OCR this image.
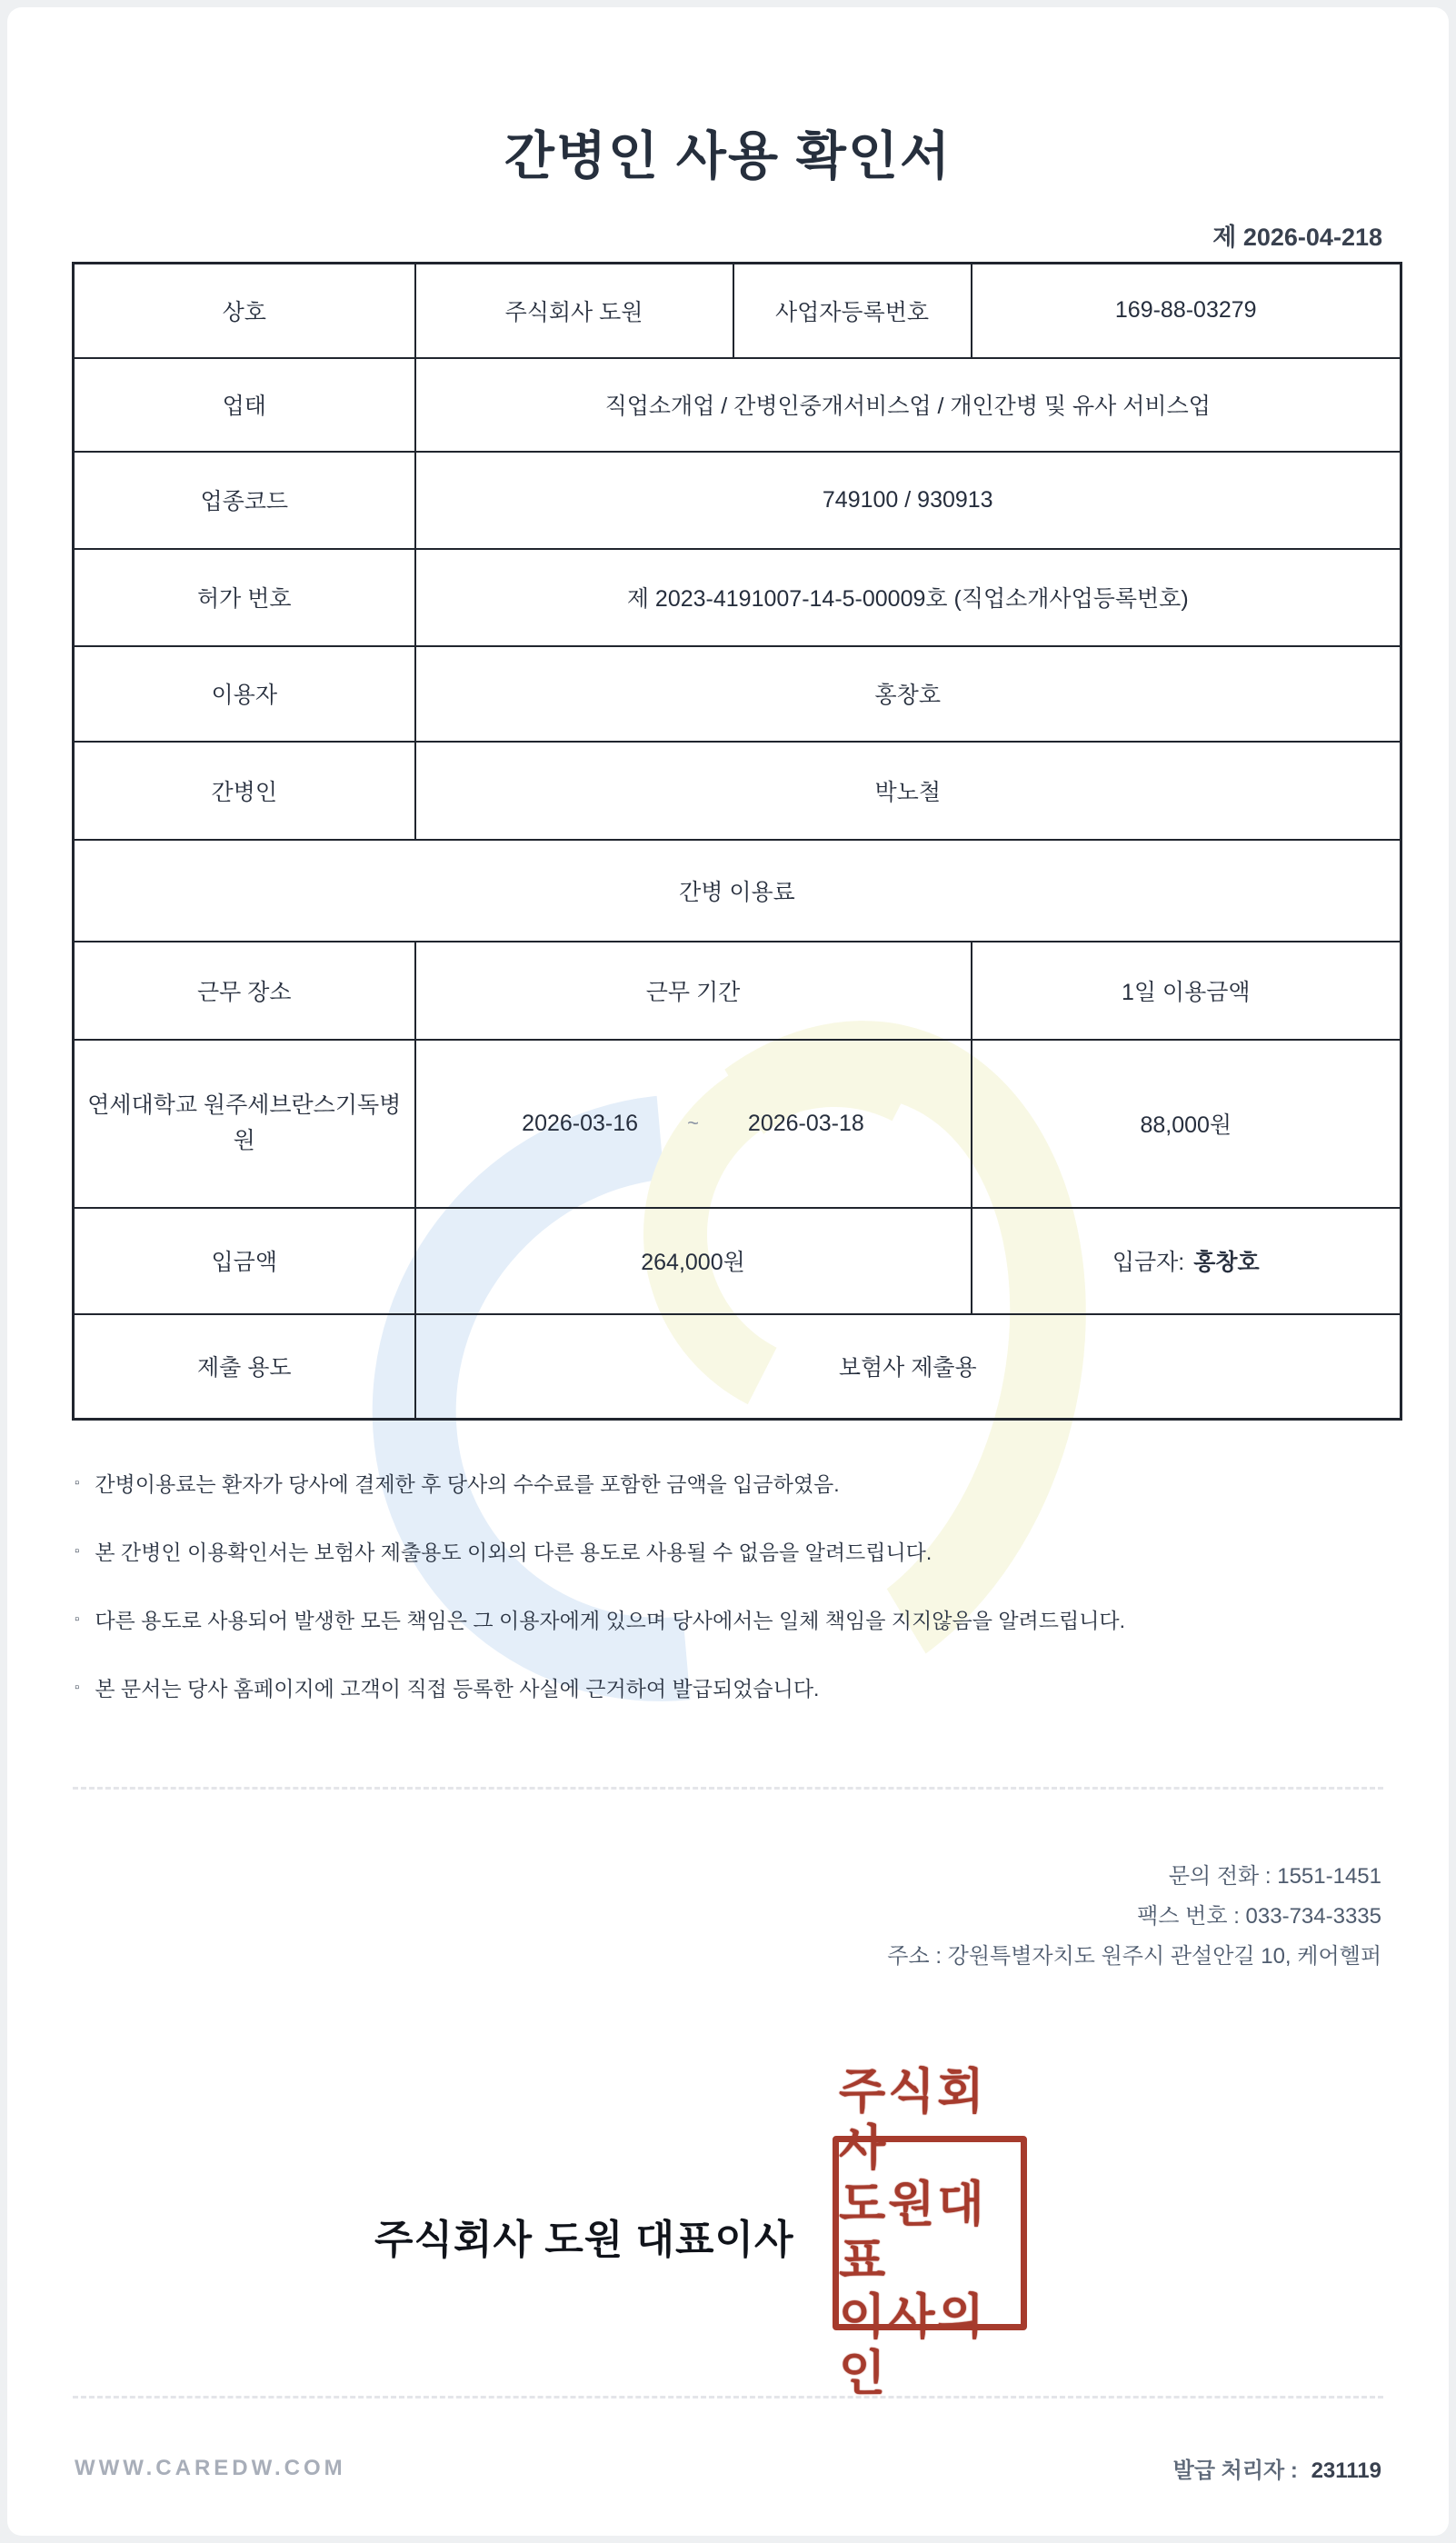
간병인 사용 확인서
제 2026-04-218
상호	주식회사 도원	사업자등록번호	169-88-03279
업태	직업소개업 / 간병인중개서비스업 / 개인간병 및 유사 서비스업		
업종코드	749100 / 930913		
허가 번호	제 2023-4191007-14-5-00009호 (직업소개사업등록번호)		
이용자	홍창호		
간병인	박노철		
간병 이용료			
근무 장소	근무 기간		1일 이용금액
연세대학교 원주세브란스기독병원	2026-03-16 ~ 2026-03-18		88,000원
입금액	264,000원		입금자: 홍창호
제출 용도	보험사 제출용		
▫ 간병이용료는 환자가 당사에 결제한 후 당사의 수수료를 포함한 금액을 입금하였음.
▫ 본 간병인 이용확인서는 보험사 제출용도 이외의 다른 용도로 사용될 수 없음을 알려드립니다.
▫ 다른 용도로 사용되어 발생한 모든 책임은 그 이용자에게 있으며 당사에서는 일체 책임을 지지않음을 알려드립니다.
▫ 본 문서는 당사 홈페이지에 고객이 직접 등록한 사실에 근거하여 발급되었습니다.
문의 전화 : 1551-1451
팩스 번호 : 033-734-3335
주소 : 강원특별자치도 원주시 관설안길 10, 케어헬퍼
주식회사 도원 대표이사
주식회사
도원대표
이사의인
WWW.CAREDW.COM	발급 처리자 : 231119
